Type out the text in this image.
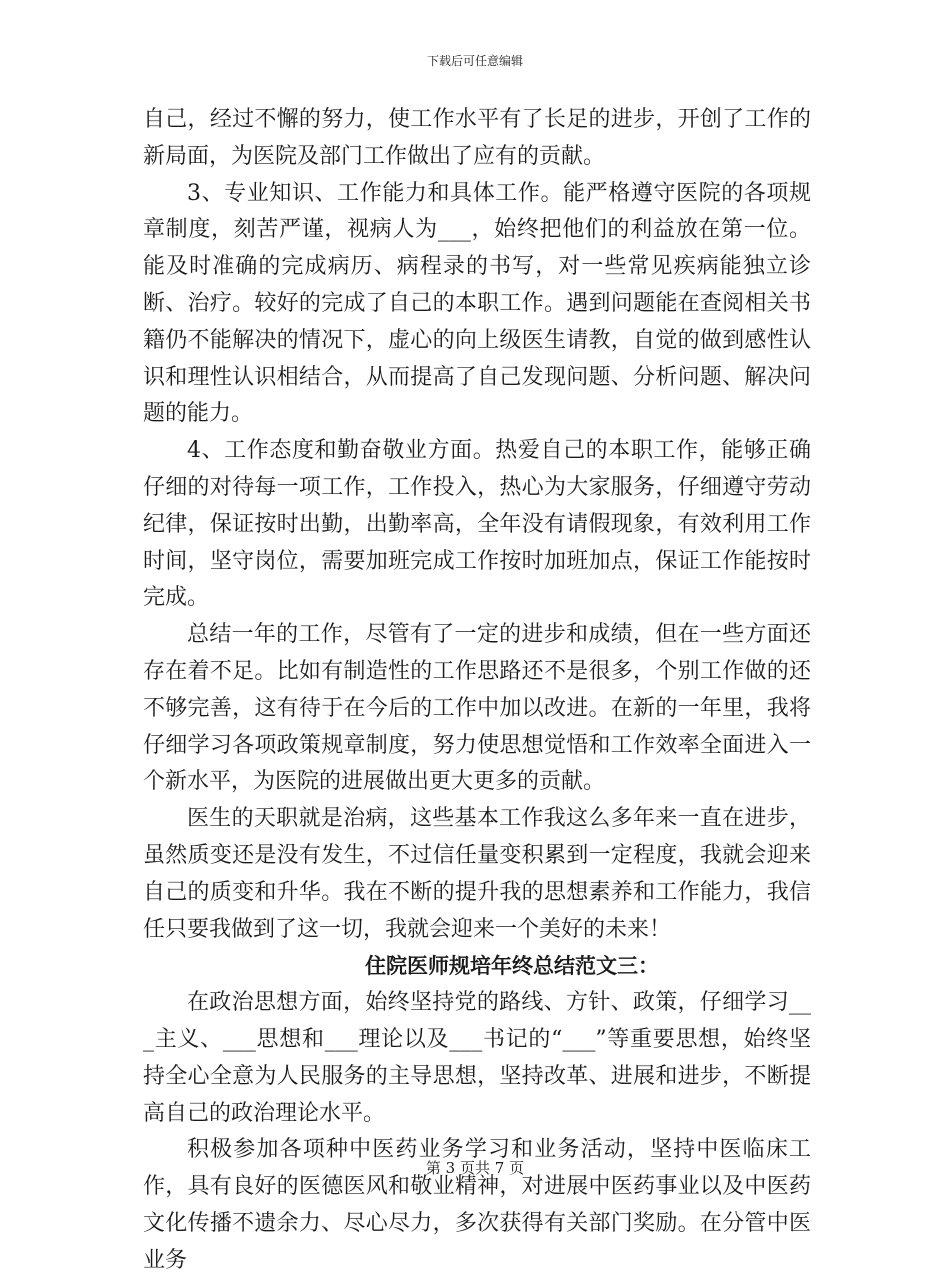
下载后可任意编辑

自己，经过不懈的努力，使工作水平有了长足的进步，开创了工作的新局面，为医院及部门工作做出了应有的贡献。

3、专业知识、工作能力和具体工作。能严格遵守医院的各项规章制度，刻苦严谨，视病人为___，始终把他们的利益放在第一位。能及时准确的完成病历、病程录的书写，对一些常见疾病能独立诊断、治疗。较好的完成了自己的本职工作。遇到问题能在查阅相关书籍仍不能解决的情况下，虚心的向上级医生请教，自觉的做到感性认识和理性认识相结合，从而提高了自己发现问题、分析问题、解决问题的能力。

4、工作态度和勤奋敬业方面。热爱自己的本职工作，能够正确仔细的对待每一项工作，工作投入，热心为大家服务，仔细遵守劳动纪律，保证按时出勤，出勤率高，全年没有请假现象，有效利用工作时间，坚守岗位，需要加班完成工作按时加班加点，保证工作能按时完成。

总结一年的工作，尽管有了一定的进步和成绩，但在一些方面还存在着不足。比如有制造性的工作思路还不是很多，个别工作做的还不够完善，这有待于在今后的工作中加以改进。在新的一年里，我将仔细学习各项政策规章制度，努力使思想觉悟和工作效率全面进入一个新水平，为医院的进展做出更大更多的贡献。

医生的天职就是治病，这些基本工作我这么多年来一直在进步，虽然质变还是没有发生，不过信任量变积累到一定程度，我就会迎来自己的质变和升华。我在不断的提升我的思想素养和工作能力，我信任只要我做到了这一切，我就会迎来一个美好的未来！

住院医师规培年终总结范文三：

在政治思想方面，始终坚持党的路线、方针、政策，仔细学习___主义、___思想和___理论以及___书记的“___”等重要思想，始终坚持全心全意为人民服务的主导思想，坚持改革、进展和进步，不断提高自己的政治理论水平。

积极参加各项种中医药业务学习和业务活动，坚持中医临床工作，具有良好的医德医风和敬业精神，对进展中医药事业以及中医药文化传播不遗余力、尽心尽力，多次获得有关部门奖励。在分管中医业务

第 3 页共 7 页
